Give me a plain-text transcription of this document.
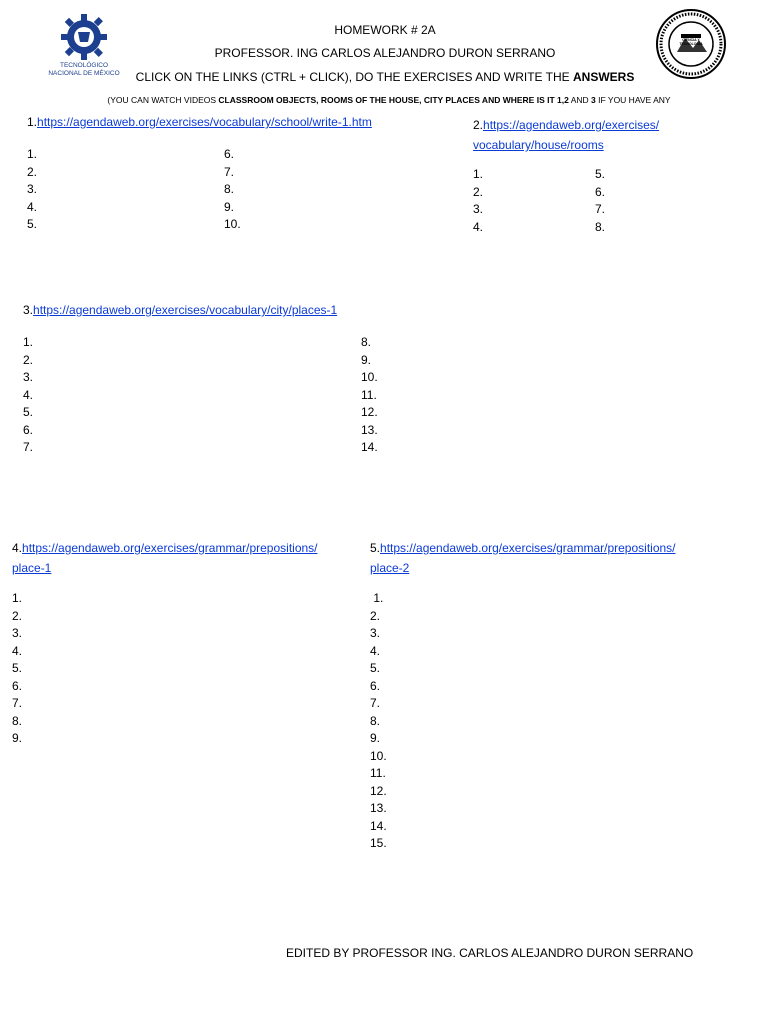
TECNOLÓGICO
NACIONAL DE MÉXICO
CIENCIA Y TECNOLOGÍA
HOMEWORK # 2A
PROFESSOR. ING CARLOS ALEJANDRO DURON SERRANO
CLICK ON THE LINKS (CTRL + CLICK), DO THE EXERCISES AND WRITE THE ANSWERS
(YOU CAN WATCH VIDEOS CLASSROOM OBJECTS, ROOMS OF THE HOUSE, CITY PLACES AND WHERE IS IT 1,2 AND 3 IF YOU HAVE ANY
1.https://agendaweb.org/exercises/vocabulary/school/write-1.htm
1.
2.
3.
4.
5.
6.
7.
8.
9.
10.
2.https://agendaweb.org/exercises/
vocabulary/house/rooms
1.
2.
3.
4.
5.
6.
7.
8.
3.https://agendaweb.org/exercises/vocabulary/city/places-1
1.
2.
3.
4.
5.
6.
7.
8.
9.
10.
11.
12.
13.
14.
4.https://agendaweb.org/exercises/grammar/prepositions/
place-1
1.
2.
3.
4.
5.
6.
7.
8.
9.
5.https://agendaweb.org/exercises/grammar/prepositions/
place-2
1.
2.
3.
4.
5.
6.
7.
8.
9.
10.
11.
12.
13.
14.
15.
EDITED BY PROFESSOR ING. CARLOS ALEJANDRO DURON SERRANO
